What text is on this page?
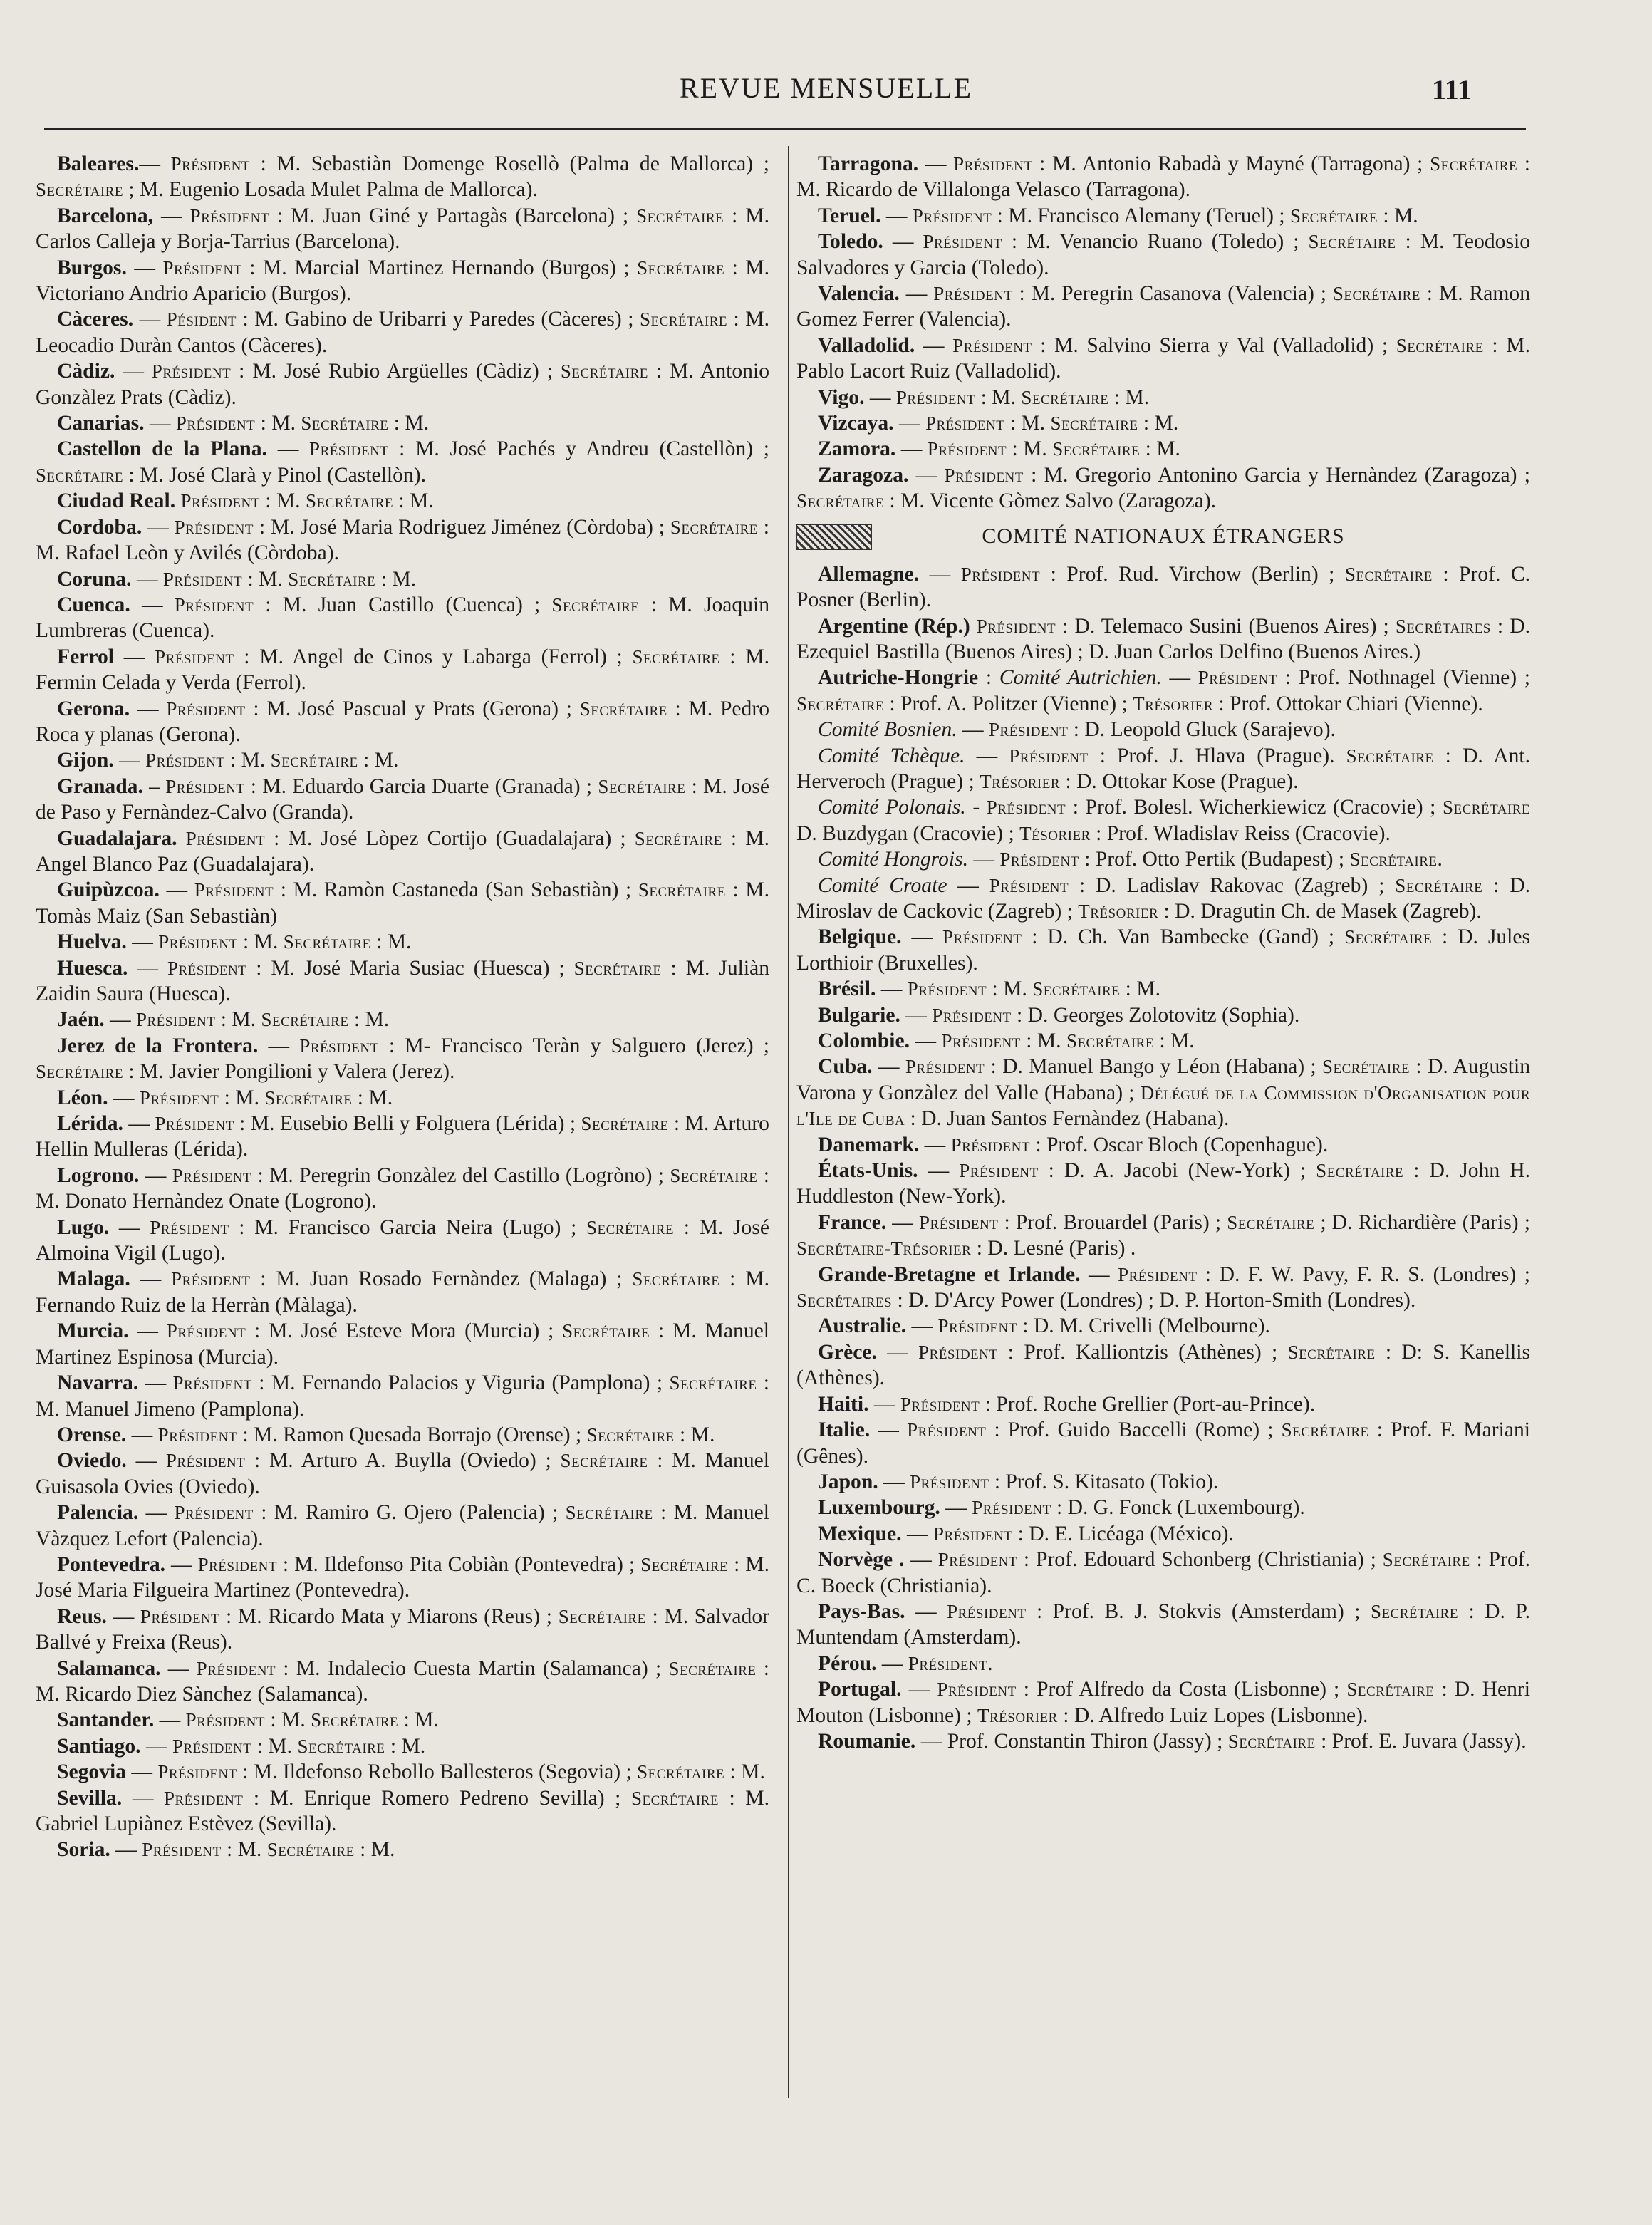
REVUE MENSUELLE	111

Baleares.— Président : M. Sebastiàn Domenge Rosellò (Palma de Mallorca) ; Secrétaire ; M. Eugenio Losada Mulet Palma de Mallorca).

Barcelona, — Président : M. Juan Giné y Partagàs (Barcelona) ; Secrétaire : M. Carlos Calleja y Borja-Tarrius (Barcelona).

Burgos. — Président : M. Marcial Martinez Hernando (Burgos) ; Secrétaire : M. Victoriano Andrio Aparicio (Burgos).

Càceres. — Pésident : M. Gabino de Uribarri y Paredes (Càceres) ; Secrétaire : M. Leocadio Duràn Cantos (Càceres).

Càdiz. — Président : M. José Rubio Argüelles (Càdiz) ; Secrétaire : M. Antonio Gonzàlez Prats (Càdiz).

Canarias. — Président : M. Secrétaire : M.

Castellon de la Plana. — Président : M. José Pachés y Andreu (Castellòn) ; Secrétaire : M. José Clarà y Pinol (Castellòn).

Ciudad Real. Président : M. Secrétaire : M.

Cordoba. — Président : M. José Maria Rodriguez Jiménez (Còrdoba) ; Secrétaire : M. Rafael Leòn y Avilés (Còrdoba).

Coruna. — Président : M. Secrétaire : M.

Cuenca. — Président : M. Juan Castillo (Cuenca) ; Secrétaire : M. Joaquin Lumbreras (Cuenca).

Ferrol — Président : M. Angel de Cinos y Labarga (Ferrol) ; Secrétaire : M. Fermin Celada y Verda (Ferrol).

Gerona. — Président : M. José Pascual y Prats (Gerona) ; Secrétaire : M. Pedro Roca y planas (Gerona).

Gijon. — Président : M. Secrétaire : M.

Granada. – Président : M. Eduardo Garcia Duarte (Granada) ; Secrétaire : M. José de Paso y Fernàndez-Calvo (Granda).

Guadalajara. Président : M. José Lòpez Cortijo (Guadalajara) ; Secrétaire : M. Angel Blanco Paz (Guadalajara).

Guipùzcoa. — Président : M. Ramòn Castaneda (San Sebastiàn) ; Secrétaire : M. Tomàs Maiz (San Sebastiàn)

Huelva. — Président : M. Secrétaire : M.

Huesca. — Président : M. José Maria Susiac (Huesca) ; Secrétaire : M. Juliàn Zaidin Saura (Huesca).

Jaén. — Président : M. Secrétaire : M.

Jerez de la Frontera. — Président : M- Francisco Teràn y Salguero (Jerez) ; Secrétaire : M. Javier Pongilioni y Valera (Jerez).

Léon. — Président : M. Secrétaire : M.

Lérida. — Président : M. Eusebio Belli y Folguera (Lérida) ; Secrétaire : M. Arturo Hellin Mulleras (Lérida).

Logrono. — Président : M. Peregrin Gonzàlez del Castillo (Logròno) ; Secrétaire : M. Donato Hernàndez Onate (Logrono).

Lugo. — Président : M. Francisco Garcia Neira (Lugo) ; Secrétaire : M. José Almoina Vigil (Lugo).

Malaga. — Président : M. Juan Rosado Fernàndez (Malaga) ; Secrétaire : M. Fernando Ruiz de la Herràn (Màlaga).

Murcia. — Président : M. José Esteve Mora (Murcia) ; Secrétaire : M. Manuel Martinez Espinosa (Murcia).

Navarra. — Président : M. Fernando Palacios y Viguria (Pamplona) ; Secrétaire : M. Manuel Jimeno (Pamplona).

Orense. — Président : M. Ramon Quesada Borrajo (Orense) ; Secrétaire : M.

Oviedo. — Président : M. Arturo A. Buylla (Oviedo) ; Secrétaire : M. Manuel Guisasola Ovies (Oviedo).

Palencia. — Président : M. Ramiro G. Ojero (Palencia) ; Secrétaire : M. Manuel Vàzquez Lefort (Palencia).

Pontevedra. — Président : M. Ildefonso Pita Cobiàn (Pontevedra) ; Secrétaire : M. José Maria Filgueira Martinez (Pontevedra).

Reus. — Président : M. Ricardo Mata y Miarons (Reus) ; Secrétaire : M. Salvador Ballvé y Freixa (Reus).

Salamanca. — Président : M. Indalecio Cuesta Martin (Salamanca) ; Secrétaire : M. Ricardo Diez Sànchez (Salamanca).

Santander. — Président : M. Secrétaire : M.

Santiago. — Président : M. Secrétaire : M.

Segovia — Président : M. Ildefonso Rebollo Ballesteros (Segovia) ; Secrétaire : M.

Sevilla. — Président : M. Enrique Romero Pedreno Sevilla) ; Secrétaire : M. Gabriel Lupiànez Estèvez (Sevilla).

Soria. — Président : M. Secrétaire : M.

Tarragona. — Président : M. Antonio Rabadà y Mayné (Tarragona) ; Secrétaire : M. Ricardo de Villalonga Velasco (Tarragona).

Teruel. — Président : M. Francisco Alemany (Teruel) ; Secrétaire : M.

Toledo. — Président : M. Venancio Ruano (Toledo) ; Secrétaire : M. Teodosio Salvadores y Garcia (Toledo).

Valencia. — Président : M. Peregrin Casanova (Valencia) ; Secrétaire : M. Ramon Gomez Ferrer (Valencia).

Valladolid. — Président : M. Salvino Sierra y Val (Valladolid) ; Secrétaire : M. Pablo Lacort Ruiz (Valladolid).

Vigo. — Président : M. Secrétaire : M.

Vizcaya. — Président : M. Secrétaire : M.

Zamora. — Président : M. Secrétaire : M.

Zaragoza. — Président : M. Gregorio Antonino Garcia y Hernàndez (Zaragoza) ; Secrétaire : M. Vicente Gòmez Salvo (Zaragoza).

COMITÉ NATIONAUX ÉTRANGERS

Allemagne. — Président : Prof. Rud. Virchow (Berlin) ; Secrétaire : Prof. C. Posner (Berlin).

Argentine (Rép.) Président : D. Telemaco Susini (Buenos Aires) ; Secrétaires : D. Ezequiel Bastilla (Buenos Aires) ; D. Juan Carlos Delfino (Buenos Aires.)

Autriche-Hongrie : Comité Autrichien. — Président : Prof. Nothnagel (Vienne) ; Secrétaire : Prof. A. Politzer (Vienne) ; Trésorier : Prof. Ottokar Chiari (Vienne).

Comité Bosnien. — Président : D. Leopold Gluck (Sarajevo).

Comité Tchèque. — Président : Prof. J. Hlava (Prague). Secrétaire : D. Ant. Herveroch (Prague) ; Trésorier : D. Ottokar Kose (Prague).

Comité Polonais. - Président : Prof. Bolesl. Wicherkiewicz (Cracovie) ; Secrétaire D. Buzdygan (Cracovie) ; Tésorier : Prof. Wladislav Reiss (Cracovie).

Comité Hongrois. — Président : Prof. Otto Pertik (Budapest) ; Secrétaire.

Comité Croate — Président : D. Ladislav Rakovac (Zagreb) ; Secrétaire : D. Miroslav de Cackovic (Zagreb) ; Trésorier : D. Dragutin Ch. de Masek (Zagreb).

Belgique. — Président : D. Ch. Van Bambecke (Gand) ; Secrétaire : D. Jules Lorthioir (Bruxelles).

Brésil. — Président : M. Secrétaire : M.

Bulgarie. — Président : D. Georges Zolotovitz (Sophia).

Colombie. — Président : M. Secrétaire : M.

Cuba. — Président : D. Manuel Bango y Léon (Habana) ; Secrétaire : D. Augustin Varona y Gonzàlez del Valle (Habana) ; Délégué de la Commission d'Organisation pour l'Ile de Cuba : D. Juan Santos Fernàndez (Habana).

Danemark. — Président : Prof. Oscar Bloch (Copenhague).

États-Unis. — Président : D. A. Jacobi (New-York) ; Secrétaire : D. John H. Huddleston (New-York).

France. — Président : Prof. Brouardel (Paris) ; Secrétaire ; D. Richardière (Paris) ; Secrétaire-Trésorier : D. Lesné (Paris) .

Grande-Bretagne et Irlande. — Président : D. F. W. Pavy, F. R. S. (Londres) ; Secrétaires : D. D'Arcy Power (Londres) ; D. P. Horton-Smith (Londres).

Australie. — Président : D. M. Crivelli (Melbourne).

Grèce. — Président : Prof. Kalliontzis (Athènes) ; Secrétaire : D: S. Kanellis (Athènes).

Haiti. — Président : Prof. Roche Grellier (Port-au-Prince).

Italie. — Président : Prof. Guido Baccelli (Rome) ; Secrétaire : Prof. F. Mariani (Gênes).

Japon. — Président : Prof. S. Kitasato (Tokio).

Luxembourg. — Président : D. G. Fonck (Luxembourg).

Mexique. — Président : D. E. Licéaga (México).

Norvège . — Président : Prof. Edouard Schonberg (Christiania) ; Secrétaire : Prof. C. Boeck (Christiania).

Pays-Bas. — Président : Prof. B. J. Stokvis (Amsterdam) ; Secrétaire : D. P. Muntendam (Amsterdam).

Pérou. — Président.

Portugal. — Président : Prof Alfredo da Costa (Lisbonne) ; Secrétaire : D. Henri Mouton (Lisbonne) ; Trésorier : D. Alfredo Luiz Lopes (Lisbonne).

Roumanie. — Prof. Constantin Thiron (Jassy) ; Secrétaire : Prof. E. Juvara (Jassy).
